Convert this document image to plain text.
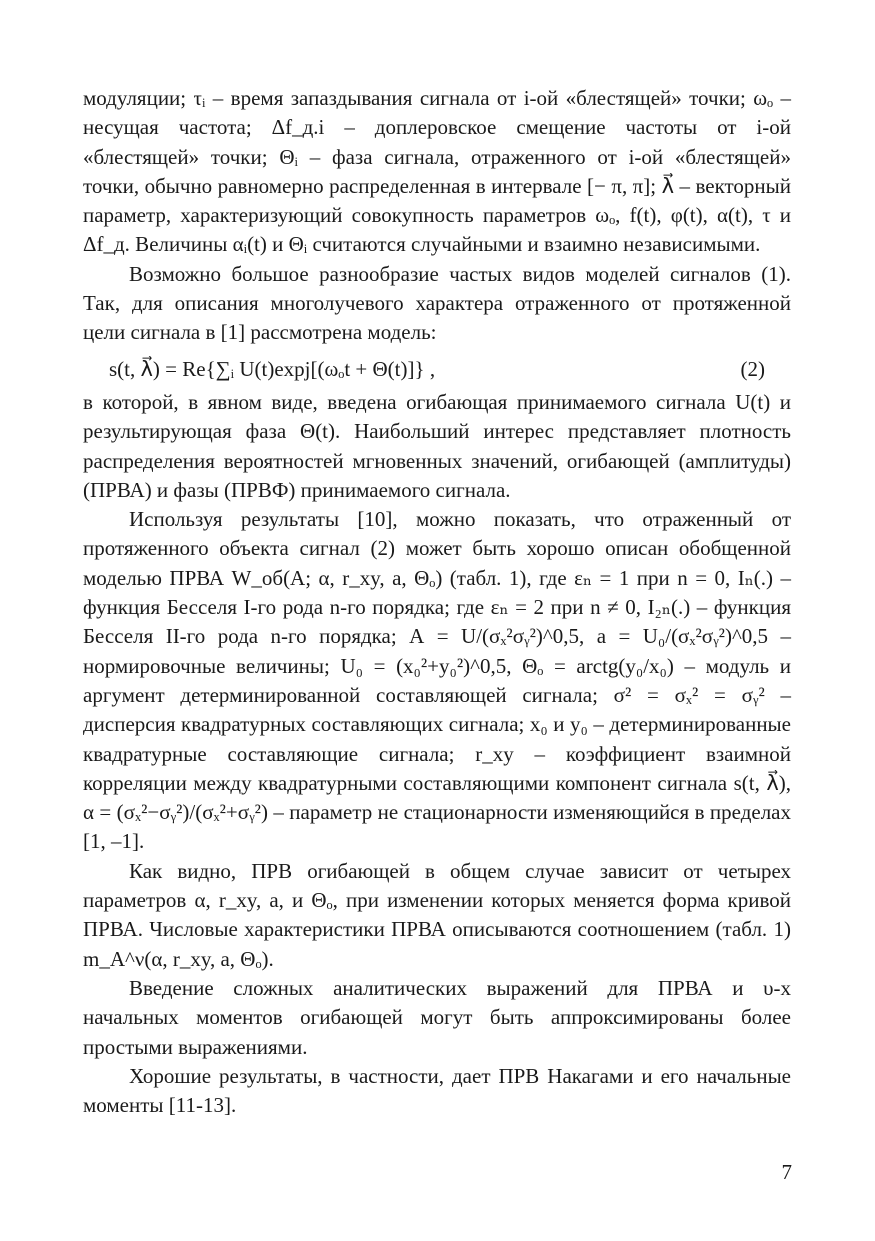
модуляции; τᵢ – время запаздывания сигнала от i-ой «блестящей» точки; ωₒ – несущая частота; Δf_д.i – доплеровское смещение частоты от i-ой «блестящей» точки; Θᵢ – фаза сигнала, отраженного от i-ой «блестящей» точки, обычно равномерно распределенная в интервале [− π, π]; λ⃗ – векторный параметр, характеризующий совокупность параметров ωₒ, f(t), φ(t), α(t), τ и Δf_д. Величины αᵢ(t) и Θᵢ считаются случайными и взаимно независимыми.

Возможно большое разнообразие частых видов моделей сигналов (1). Так, для описания многолучевого характера отраженного от протяженной цели сигнала в [1] рассмотрена модель:

s(t, λ⃗) = Re{∑ᵢ U(t)expj[(ωₒt + Θ(t)]} ,	(2)

в которой, в явном виде, введена огибающая принимаемого сигнала U(t) и результирующая фаза Θ(t). Наибольший интерес представляет плотность распределения вероятностей мгновенных значений, огибающей (амплитуды) (ПРВА) и фазы (ПРВФ) принимаемого сигнала.

Используя результаты [10], можно показать, что отраженный от протяженного объекта сигнал (2) может быть хорошо описан обобщенной моделью ПРВА W_об(А; α, r_xy, a, Θₒ) (табл. 1), где εₙ = 1 при n = 0, Iₙ(.) – функция Бесселя I-го рода n-го порядка; где εₙ = 2 при n ≠ 0, I₂ₙ(.) – функция Бесселя II-го рода n-го порядка; А = U/(σₓ²σᵧ²)^0,5, a = U₀/(σₓ²σᵧ²)^0,5 – нормировочные величины; U₀ = (x₀²+y₀²)^0,5, Θₒ = arctg(y₀/x₀) – модуль и аргумент детерминированной составляющей сигнала; σ² = σₓ² = σᵧ² – дисперсия квадратурных составляющих сигнала; x₀ и y₀ – детерминированные квадратурные составляющие сигнала; r_xy – коэффициент взаимной корреляции между квадратурными составляющими компонент сигнала s(t, λ⃗), α = (σₓ²−σᵧ²)/(σₓ²+σᵧ²) – параметр не стационарности изменяющийся в пределах [1, –1].

Как видно, ПРВ огибающей в общем случае зависит от четырех параметров α, r_xy, a, и Θₒ, при изменении которых меняется форма кривой ПРВА. Числовые характеристики ПРВА описываются соотношением (табл. 1) m_A^ν(α, r_xy, a, Θₒ).

Введение сложных аналитических выражений для ПРВА и υ-х начальных моментов огибающей могут быть аппроксимированы более простыми выражениями.

Хорошие результаты, в частности, дает ПРВ Накагами и его начальные моменты [11-13].

7
